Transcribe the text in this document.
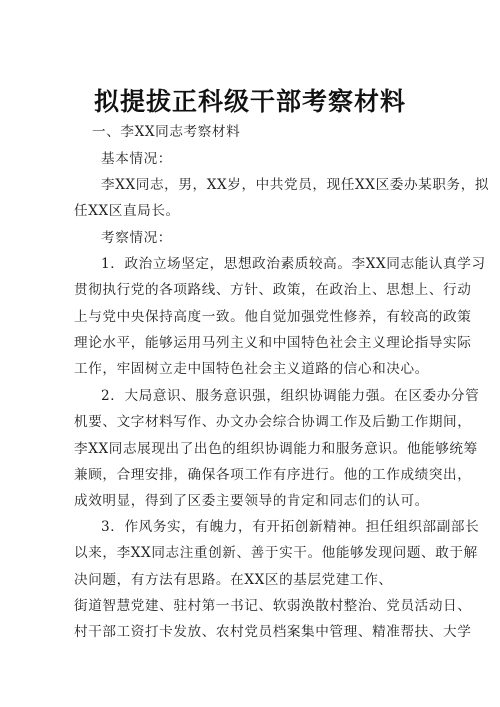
拟提拔正科级干部考察材料
一、李XX同志考察材料
基本情况：
李XX同志，男，XX岁，中共党员，现任XX区委办某职务，拟
任XX区直局长。
考察情况：
1．政治立场坚定，思想政治素质较高。李XX同志能认真学习
贯彻执行党的各项路线、方针、政策，在政治上、思想上、行动
上与党中央保持高度一致。他自觉加强党性修养，有较高的政策
理论水平，能够运用马列主义和中国特色社会主义理论指导实际
工作，牢固树立走中国特色社会主义道路的信心和决心。
2．大局意识、服务意识强，组织协调能力强。在区委办分管
机要、文字材料写作、办文办会综合协调工作及后勤工作期间，
李XX同志展现出了出色的组织协调能力和服务意识。他能够统筹
兼顾，合理安排，确保各项工作有序进行。他的工作成绩突出，
成效明显，得到了区委主要领导的肯定和同志们的认可。
3．作风务实，有魄力，有开拓创新精神。担任组织部副部长
以来，李XX同志注重创新、善于实干。他能够发现问题、敢于解
决问题，有方法有思路。在XX区的基层党建工作、
街道智慧党建、驻村第一书记、软弱涣散村整治、党员活动日、
村干部工资打卡发放、农村党员档案集中管理、精准帮扶、大学
